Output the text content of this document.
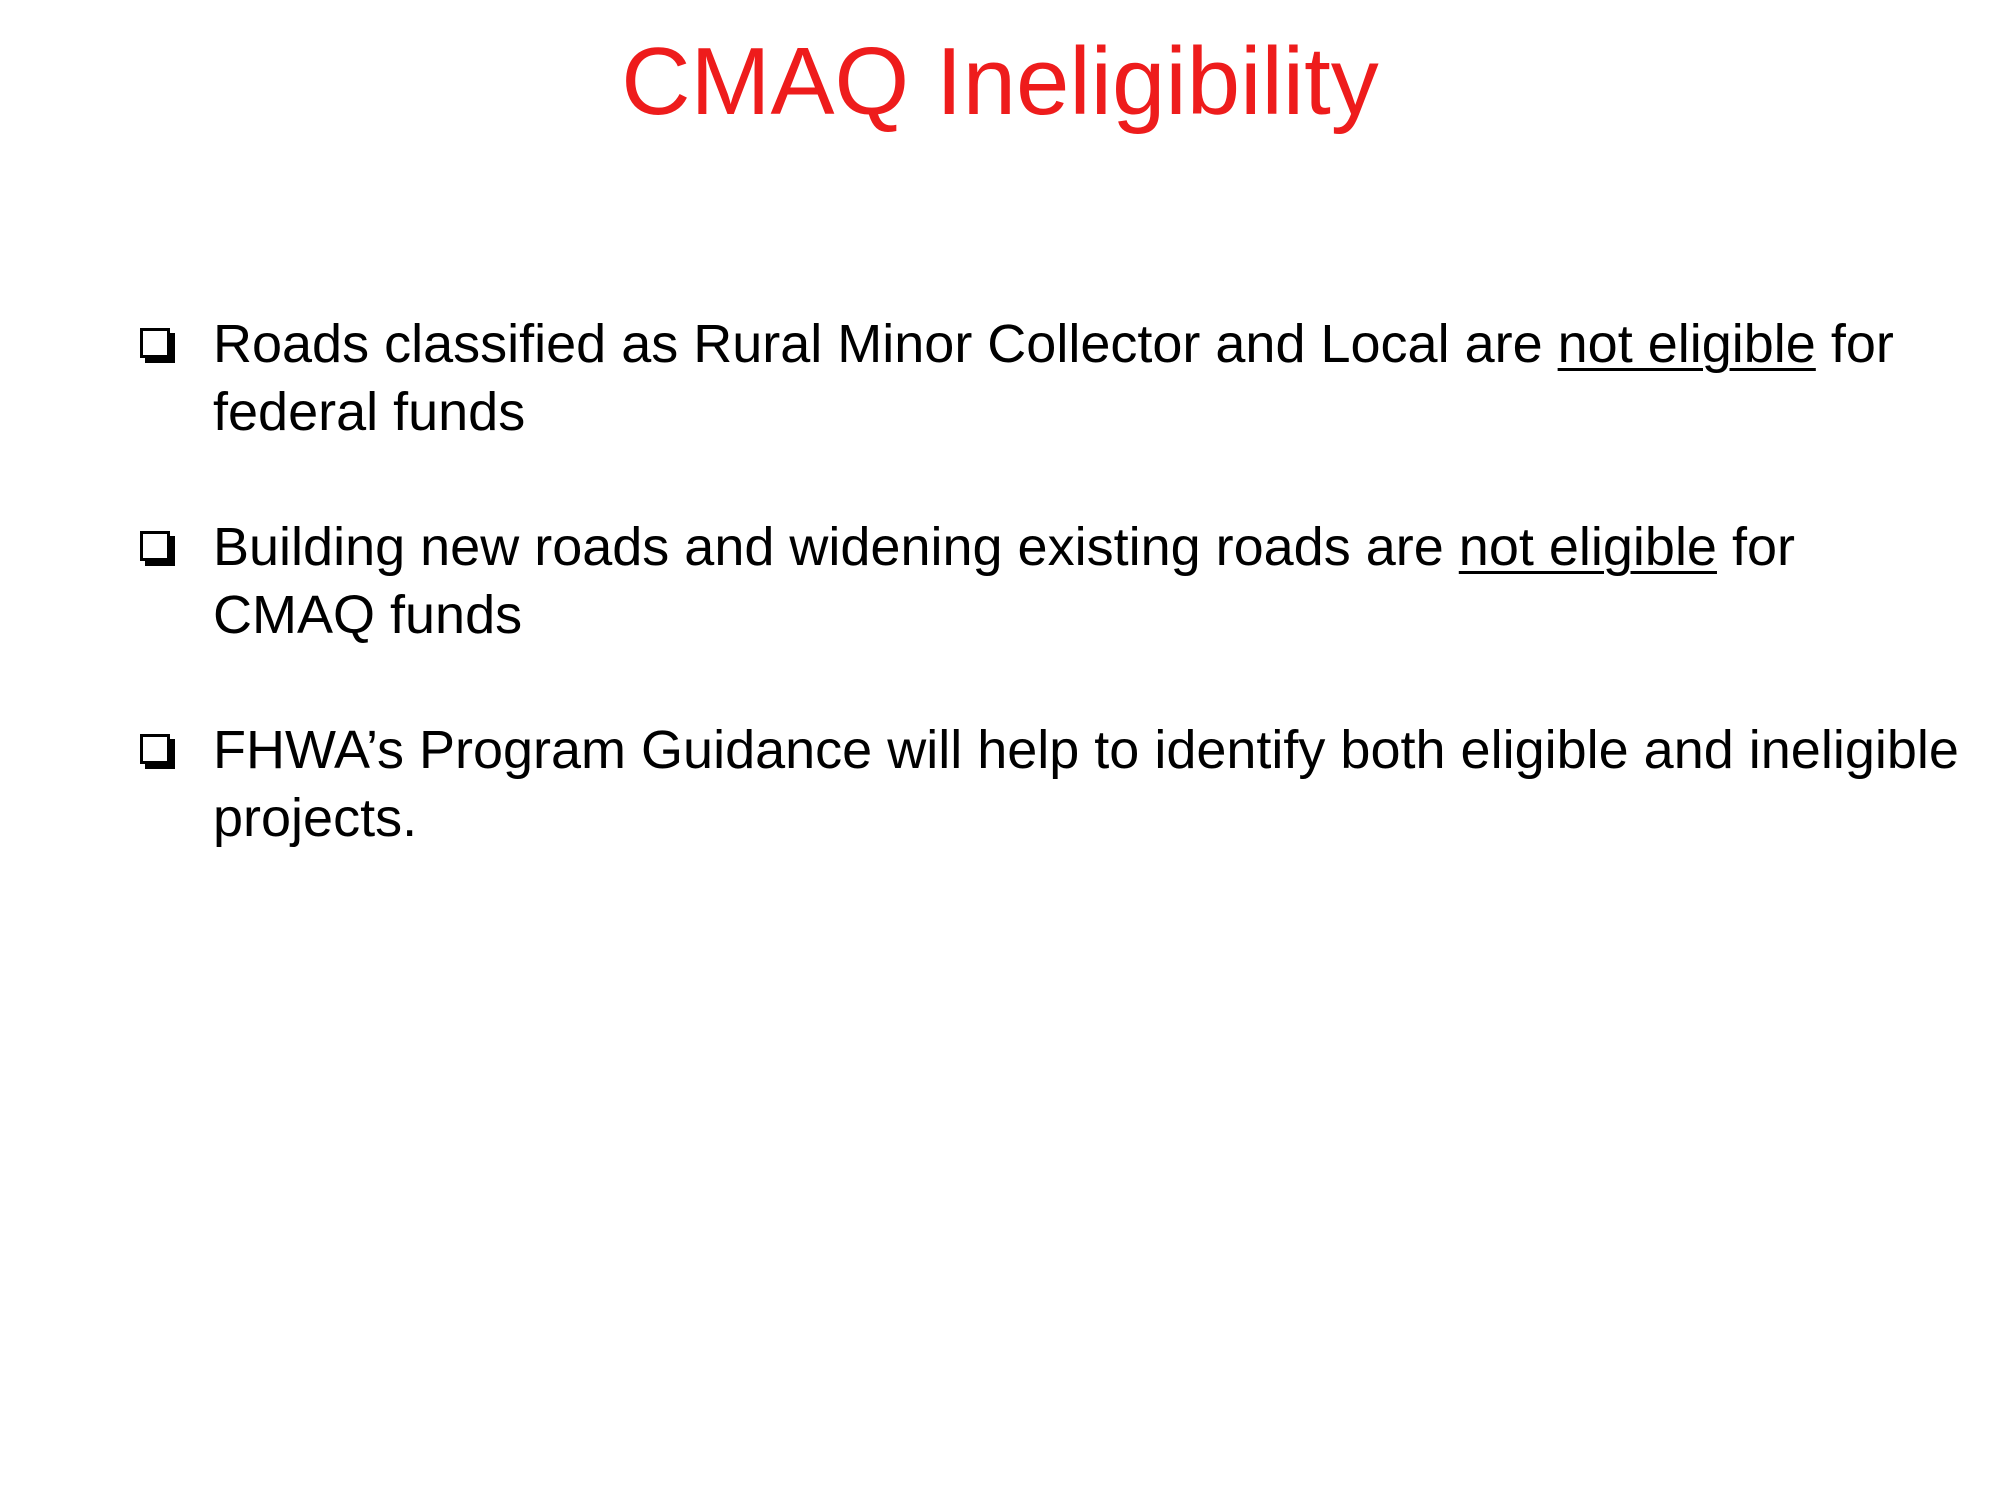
CMAQ Ineligibility
Roads classified as Rural Minor Collector and Local are not eligible for federal funds
Building new roads and widening existing roads are not eligible for CMAQ funds
FHWA’s Program Guidance will help to identify both eligible and ineligible projects.
